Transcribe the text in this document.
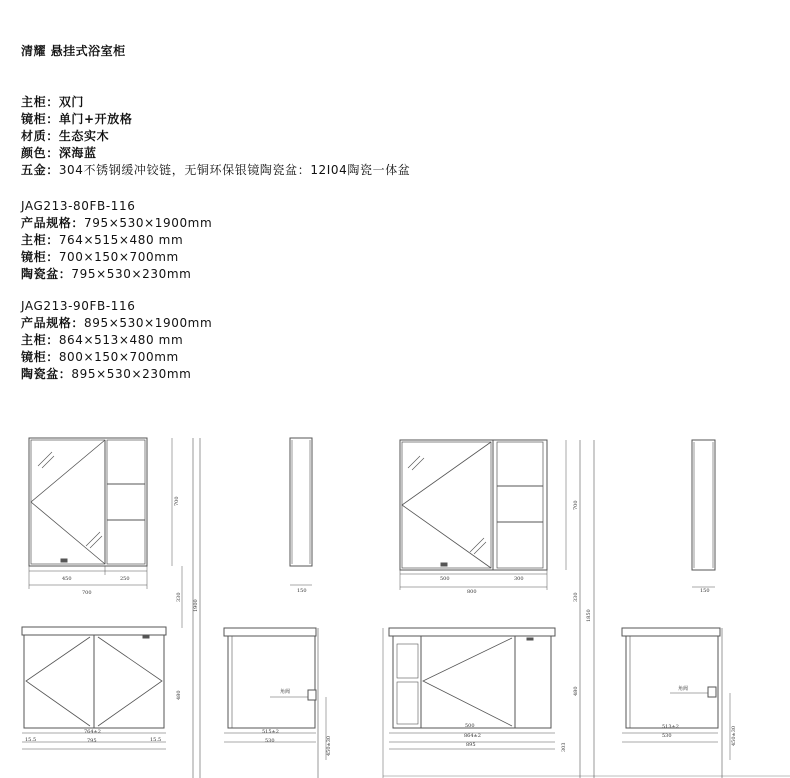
清耀 悬挂式浴室柜
主柜：双门
镜柜：单门+开放格
材质：生态实木
颜色：深海蓝
五金：304不锈钢缓冲铰链，无铜环保银镜陶瓷盆：12I04陶瓷一体盆
JAG213-80FB-116
产品规格：795×530×1900mm
主柜：764×515×480 mm
镜柜：700×150×700mm
陶瓷盆：795×530×230mm
JAG213-90FB-116
产品规格：895×530×1900mm
主柜：864×513×480 mm
镜柜：800×150×700mm
陶瓷盆：895×530×230mm
450	250
700
700
150
330
1900
480
764±2
795
515±2
530
角阀
450±30
15.5	15.5
500	300
800
700
150
330
1850
480
500
864±2
895
513±2
530
角阀
450±30
303
